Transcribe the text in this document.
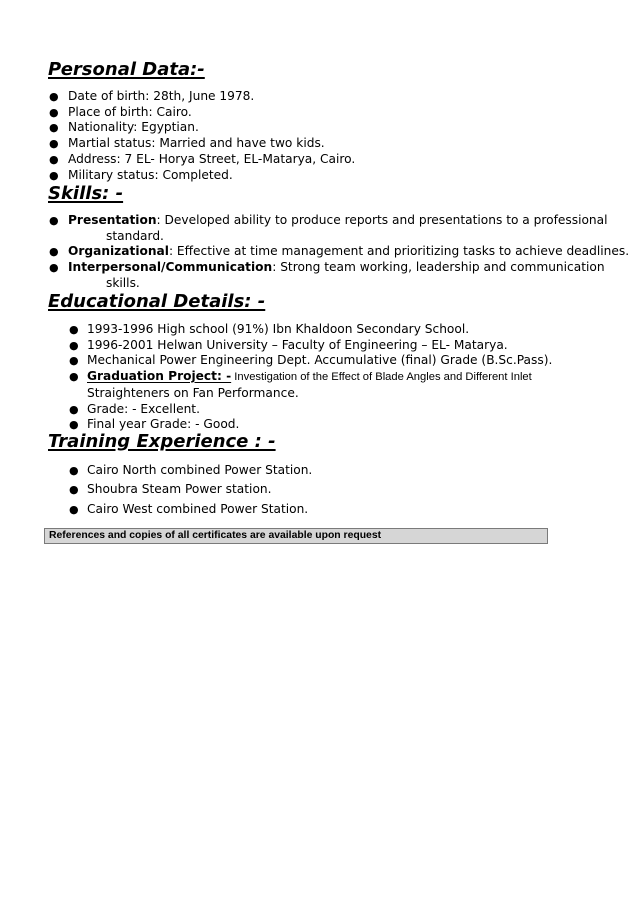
Personal Data:-
● Date of birth: 28th, June 1978.
● Place of birth: Cairo.
● Nationality: Egyptian.
● Martial status: Married and have two kids.
● Address: 7 EL- Horya Street, EL-Matarya, Cairo.
● Military status: Completed.
Skills: -
● Presentation: Developed ability to produce reports and presentations to a professional
standard.
● Organizational: Effective at time management and prioritizing tasks to achieve deadlines.
● Interpersonal/Communication: Strong team working, leadership and communication
skills.
Educational Details: -
● 1993-1996 High school (91%) Ibn Khaldoon Secondary School.
● 1996-2001 Helwan University – Faculty of Engineering – EL- Matarya.
● Mechanical Power Engineering Dept. Accumulative (final) Grade (B.Sc.Pass).
● Graduation Project: - Investigation of the Effect of Blade Angles and Different Inlet
Straighteners on Fan Performance.
● Grade: - Excellent.
● Final year Grade: - Good.
Training Experience : -
● Cairo North combined Power Station.
● Shoubra Steam Power station.
● Cairo West combined Power Station.
References and copies of all certificates are available upon request
